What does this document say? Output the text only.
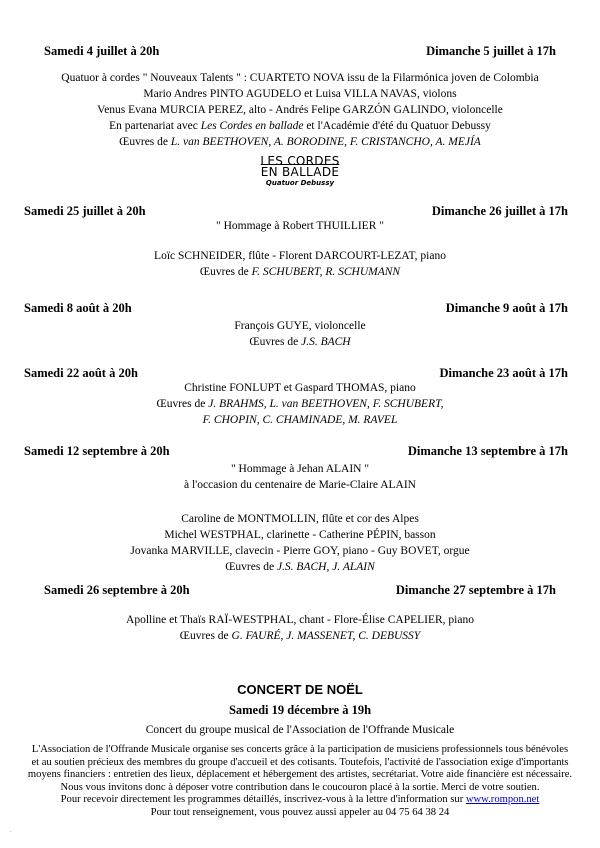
Samedi 4 juillet à 20h	Dimanche 5 juillet à 17h

Quatuor à cordes " Nouveaux Talents " : CUARTETO NOVA issu de la Filarmónica joven de Colombia

Mario Andres PINTO AGUDELO et Luisa VILLA NAVAS, violons

Venus Evana MURCIA PEREZ, alto - Andrés Felipe GARZÓN GALINDO, violoncelle

En partenariat avec Les Cordes en ballade et l'Académie d'été du Quatuor Debussy

Œuvres de L. van BEETHOVEN, A. BORODINE, F. CRISTANCHO, A. MEJÍA

LES CORDES
EN BALLADE
Quatuor Debussy
Samedi 25 juillet à 20h	Dimanche 26 juillet à 17h

" Hommage à Robert THUILLIER "

Loïc SCHNEIDER, flûte - Florent DARCOURT-LEZAT, piano

Œuvres de F. SCHUBERT, R. SCHUMANN

Samedi 8 août à 20h	Dimanche 9 août à 17h

François GUYE, violoncelle

Œuvres de J.S. BACH

Samedi 22 août à 20h	Dimanche 23 août à 17h

Christine FONLUPT et Gaspard THOMAS, piano

Œuvres de J. BRAHMS, L. van BEETHOVEN, F. SCHUBERT,

F. CHOPIN, C. CHAMINADE, M. RAVEL

Samedi 12 septembre à 20h	Dimanche 13 septembre à 17h

" Hommage à Jehan ALAIN "

à l'occasion du centenaire de Marie-Claire ALAIN

Caroline de MONTMOLLIN, flûte et cor des Alpes

Michel WESTPHAL, clarinette - Catherine PÉPIN, basson

Jovanka MARVILLE, clavecin - Pierre GOY, piano - Guy BOVET, orgue

Œuvres de J.S. BACH, J. ALAIN

Samedi 26 septembre à 20h	Dimanche 27 septembre à 17h

Apolline et Thaïs RAÏ-WESTPHAL, chant - Flore-Élise CAPELIER, piano

Œuvres de G. FAURÉ, J. MASSENET, C. DEBUSSY

CONCERT DE NOËL
Samedi 19 décembre à 19h
Concert du groupe musical de l'Association de l'Offrande Musicale

L'Association de l'Offrande Musicale organise ses concerts grâce à la participation de musiciens professionnels tous bénévoles

et au soutien précieux des membres du groupe d'accueil et des cotisants. Toutefois, l'activité de l'association exige d'importants

moyens financiers : entretien des lieux, déplacement et hébergement des artistes, secrétariat. Votre aide financière est nécessaire.

Nous vous invitons donc à déposer votre contribution dans le coucouron placé à la sortie. Merci de votre soutien.

Pour recevoir directement les programmes détaillés, inscrivez-vous à la lettre d'information sur www.rompon.net

Pour tout renseignement, vous pouvez aussi appeler au 04 75 64 38 24

.
